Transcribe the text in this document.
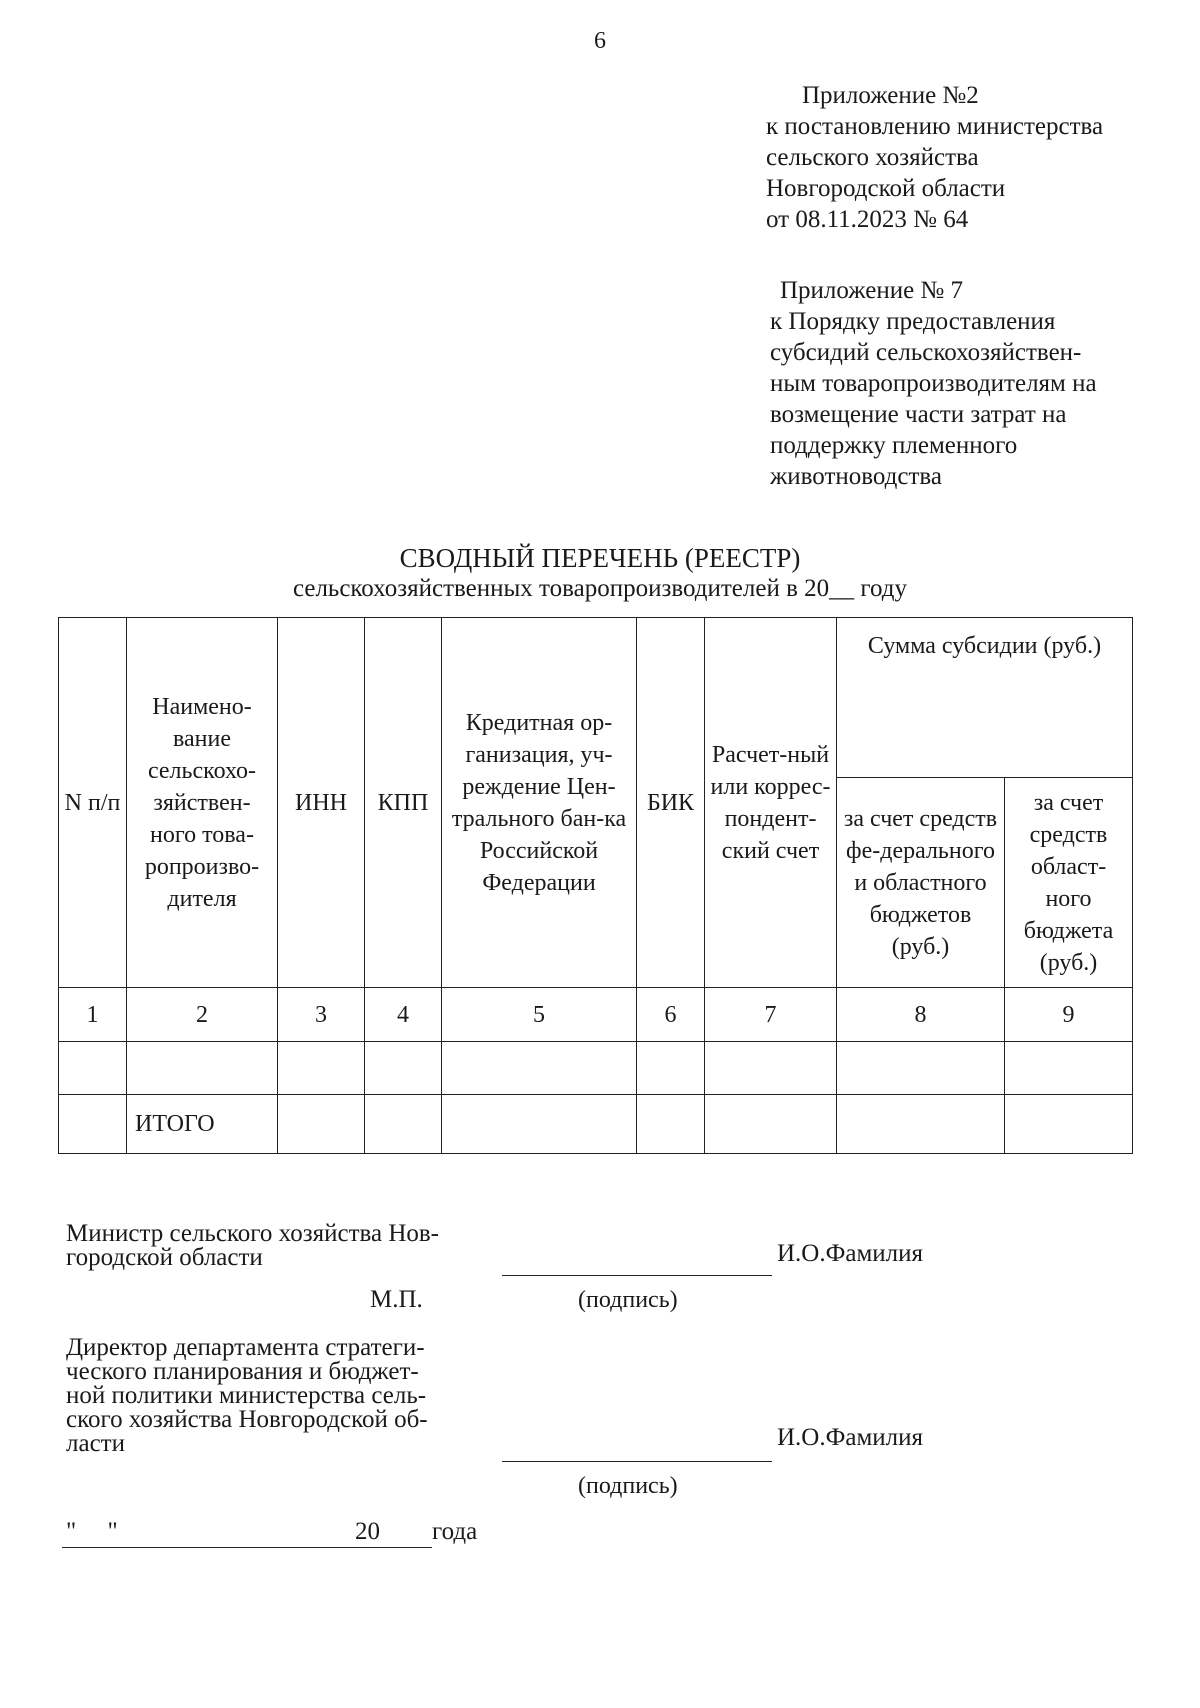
6
Приложение №2
к постановлению министерства
сельского хозяйства
Новгородской области
от 08.11.2023 № 64
Приложение № 7
к Порядку предоставления
субсидий сельскохозяйствен-
ным товаропроизводителям на
возмещение части затрат на
поддержку племенного
животноводства
СВОДНЫЙ ПЕРЕЧЕНЬ (РЕЕСТР)
сельскохозяйственных товаропроизводителей в 20__ году
N п/п	Наимено-вание сельскохо-зяйствен-ного това-ропроизво-дителя	ИНН	КПП	Кредитная ор-ганизация, уч-реждение Цен-трального бан-ка Российской Федерации	БИК	Расчет-ный или коррес-пондент-ский счет	Сумма субсидии (руб.)	
							за счет средств фе-дерального и областного бюджетов (руб.)	за счет средств област-ного бюджета (руб.)
1	2	3	4	5	6	7	8	9

	ИТОГО							
Министр сельского хозяйства Нов-
городской области	И.О.Фамилия
М.П.	(подпись)
Директор департамента стратеги-
ческого планирования и бюджет-
ной политики министерства сель-
ского хозяйства Новгородской об-
ласти	И.О.Фамилия
(подпись)
"     "	20 года
